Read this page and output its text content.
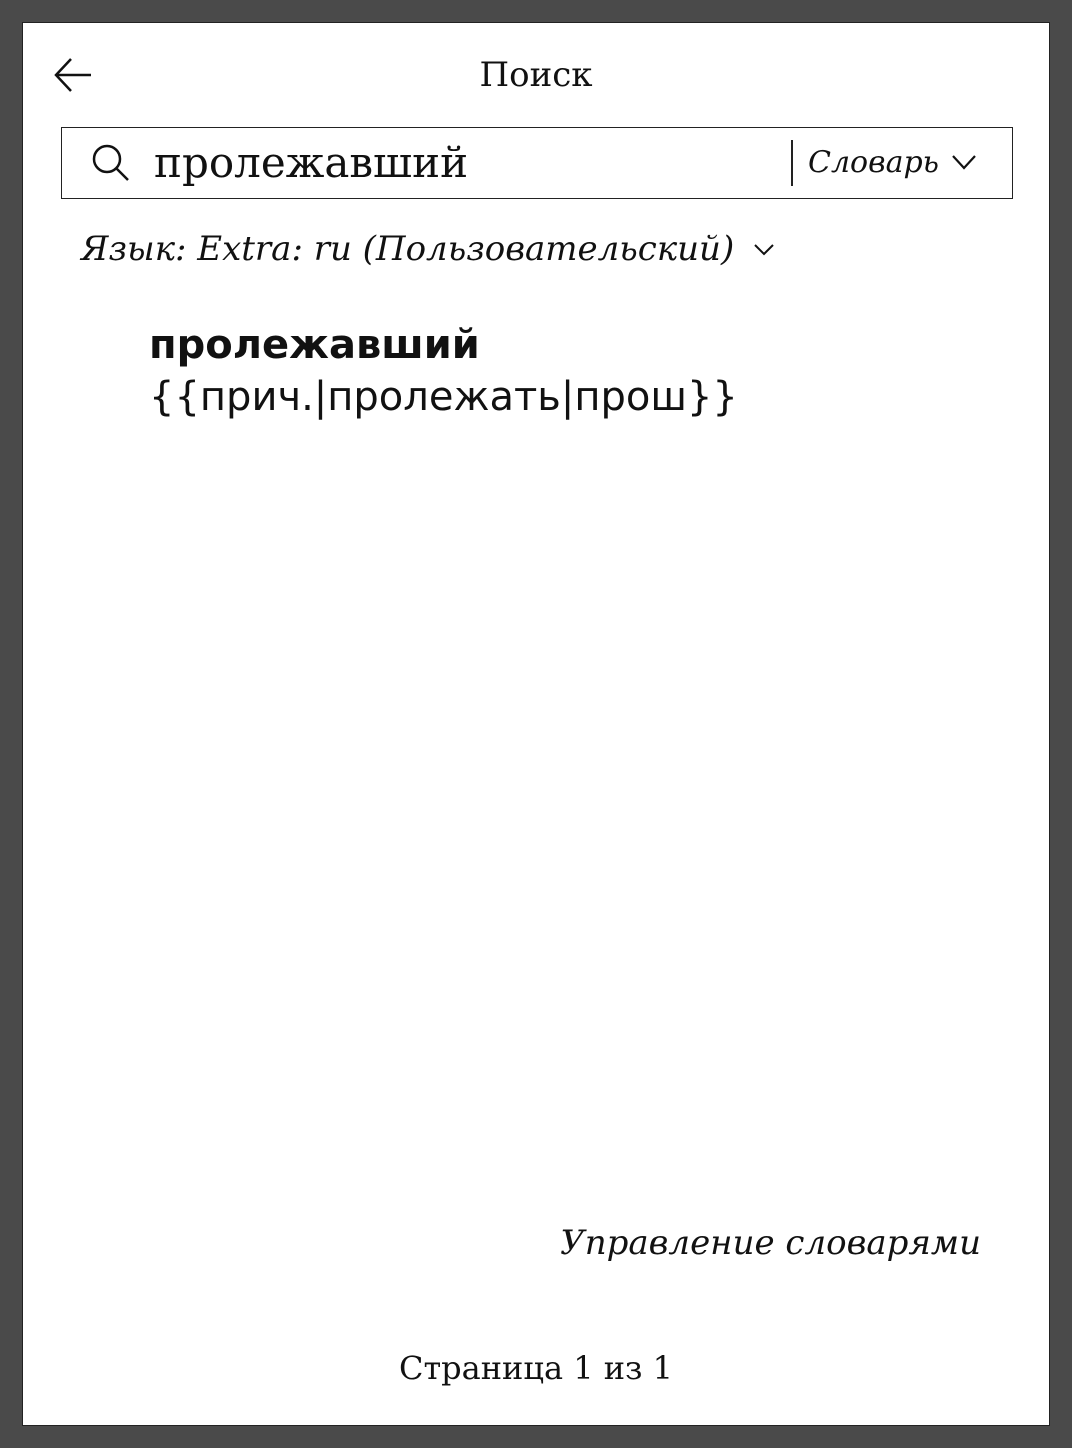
Поиск
пролежавший
Словарь
Язык: Extra: ru (Пользовательский)
пролежавший
{{прич.|пролежать|прош}}
Управление словарями
Страница 1 из 1
